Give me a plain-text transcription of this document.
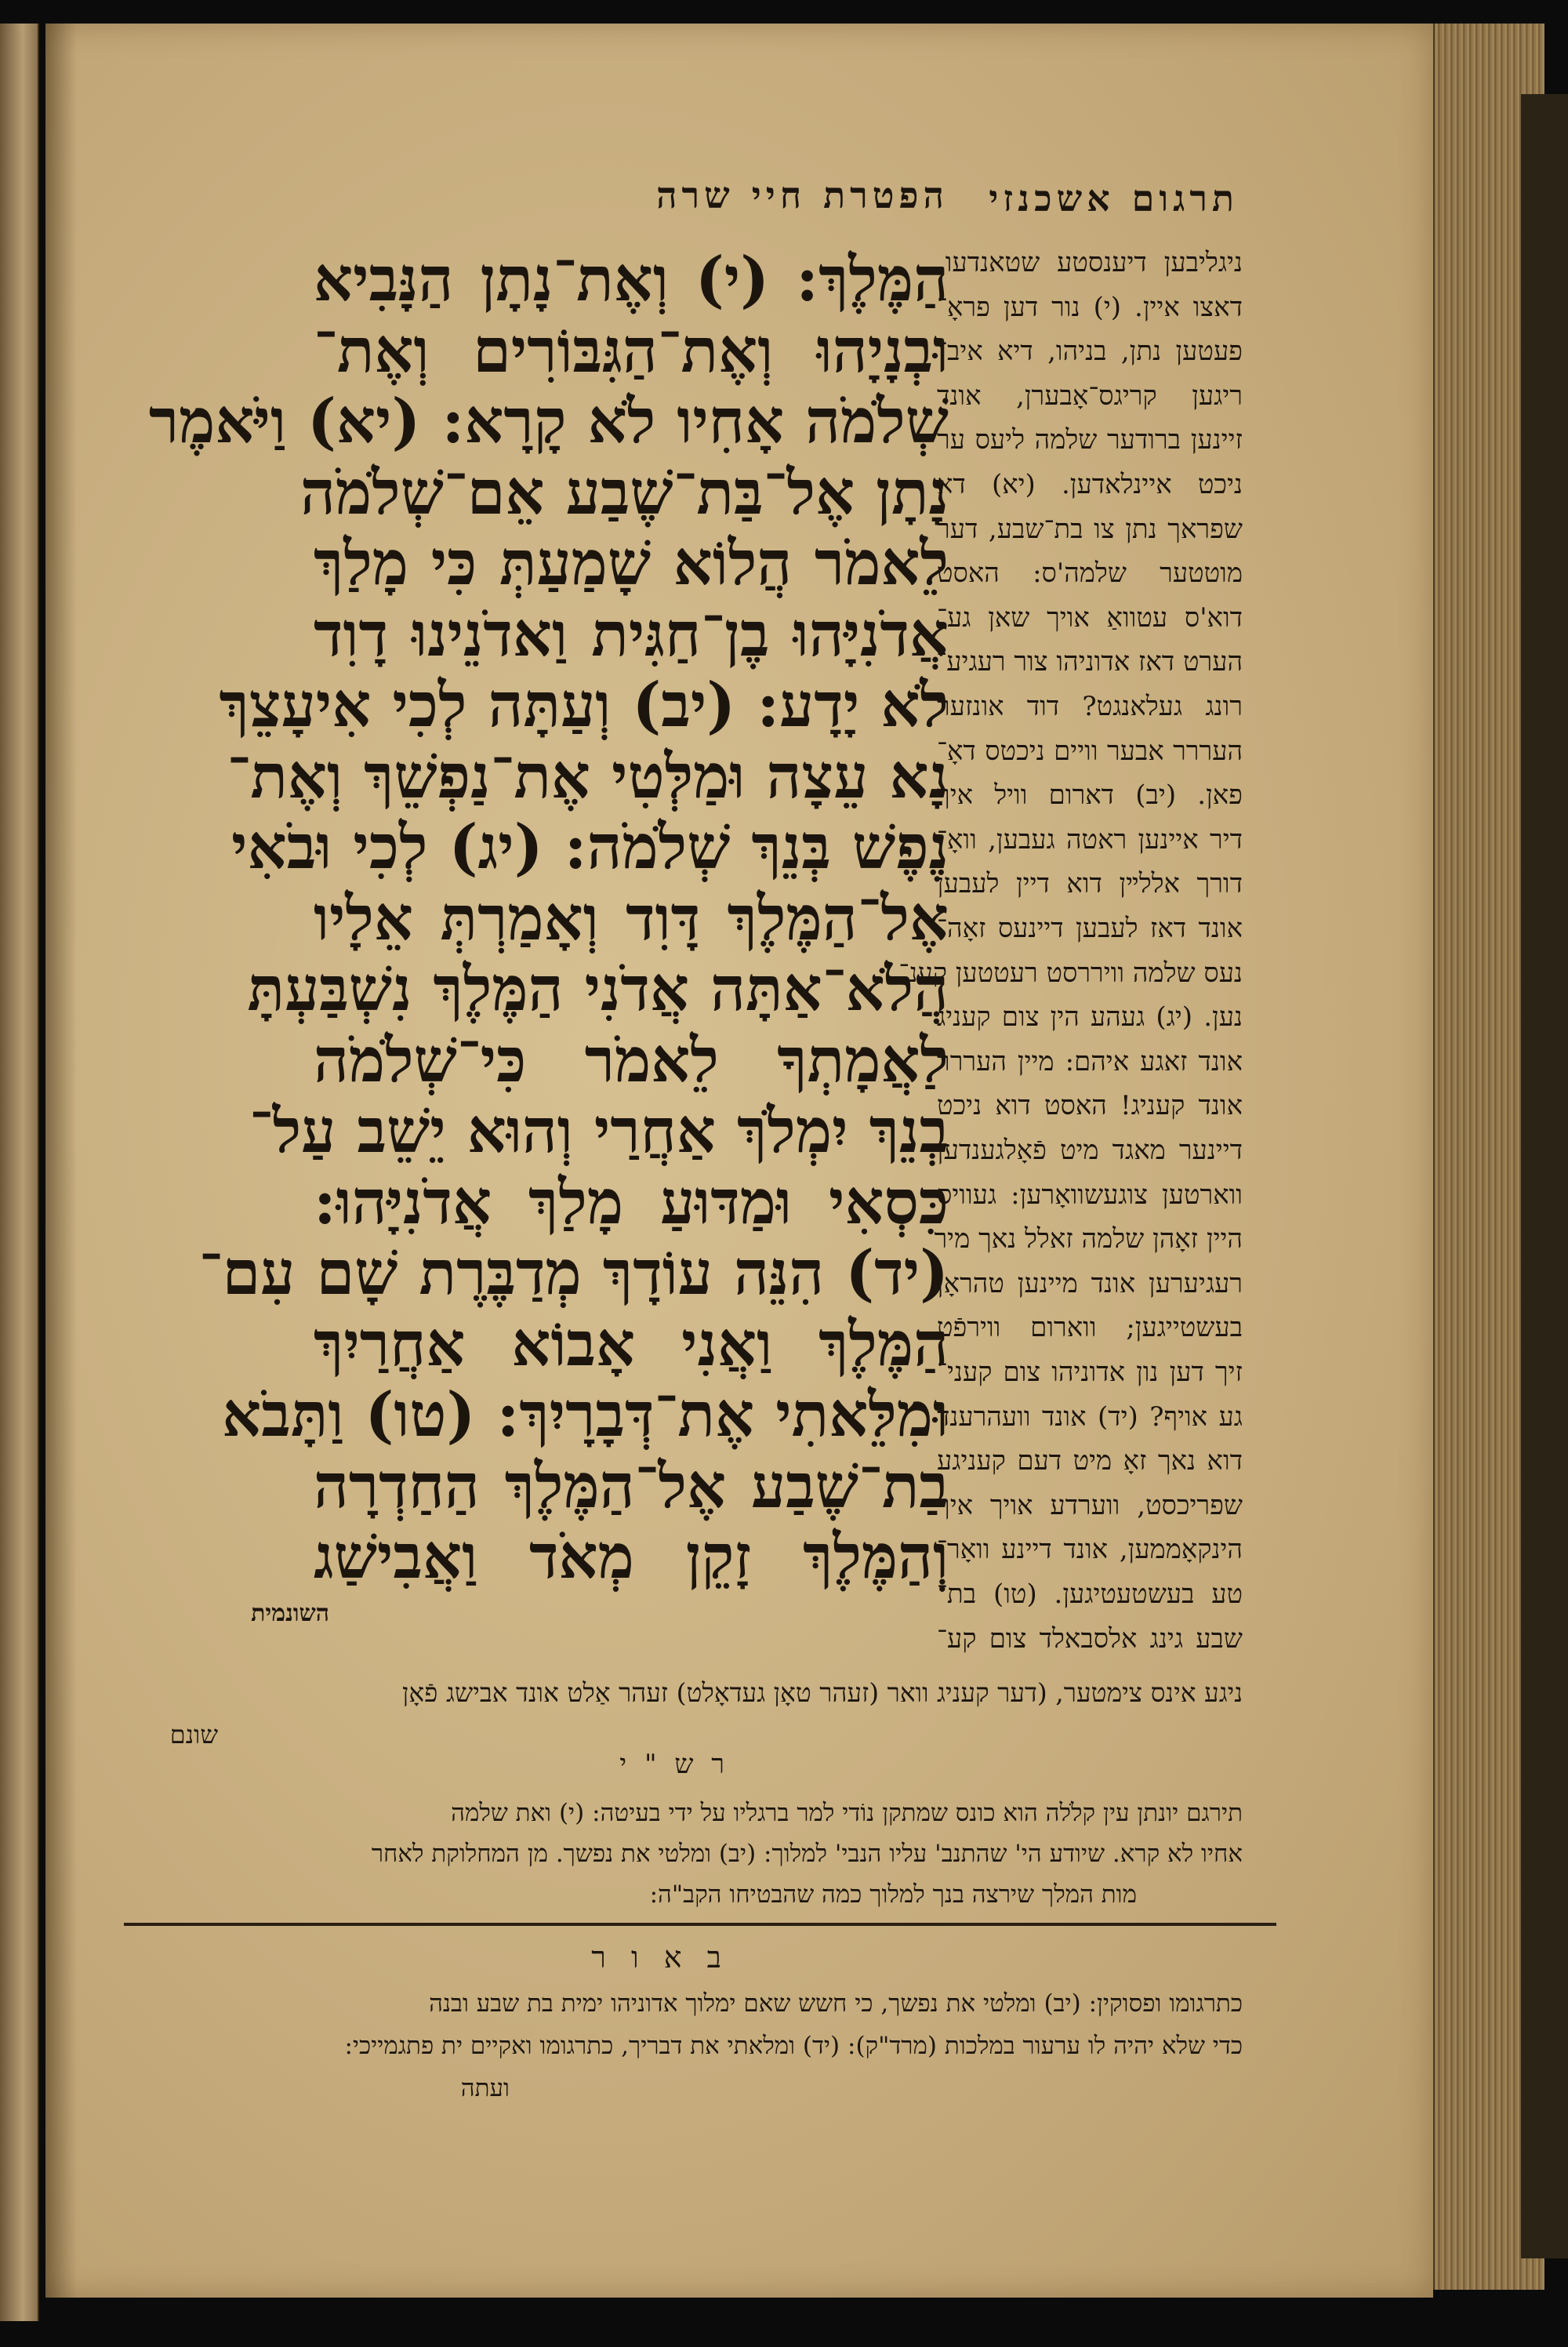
הפטרת חיי שרה תרגום אשכנזי
הַמֶּלֶךְ: (י) וְאֶת־נָתָן הַנָּבִיא
וּבְנָיָהוּ וְאֶת־הַגִּבּוֹרִים וְאֶת־
שְׁלֹמֹה אָחִיו לֹא קָרָא: (יא) וַיֹּאמֶר
נָתָן אֶל־בַּת־שֶׁבַע אֵם־שְׁלֹמֹה
לֵאמֹר הֲלוֹא שָׁמַעַתְּ כִּי מָלַךְ
אֲדֹנִיָּהוּ בֶן־חַגִּית וַאדֹנֵינוּ דָוִד
לֹא יָדָע: (יב) וְעַתָּה לְכִי אִיעָצֵךְ
נָא עֵצָה וּמַלְּטִי אֶת־נַפְשֵׁךְ וְאֶת־
נֶפֶשׁ בְּנֵךְ שְׁלֹמֹה: (יג) לְכִי וּבֹאִי
אֶל־הַמֶּלֶךְ דָּוִד וְאָמַרְתְּ אֵלָיו
הֲלֹא־אַתָּה אֲדֹנִי הַמֶּלֶךְ נִשְׁבַּעְתָּ
לַאֲמָתְךָ לֵאמֹר כִּי־שְׁלֹמֹה
בְנֵךְ יִמְלֹךְ אַחֲרַי וְהוּא יֵשֵׁב עַל־
כִּסְאִי וּמַדּוּעַ מָלַךְ אֲדֹנִיָּהוּ:
(יד) הִנֵּה עוֹדָךְ מְדַבֶּרֶת שָׁם עִם־
הַמֶּלֶךְ וַאֲנִי אָבוֹא אַחֲרַיִךְ
וּמִלֵּאתִי אֶת־דְּבָרָיִךְ: (טו) וַתָּבֹא
בַת־שֶׁבַע אֶל־הַמֶּלֶךְ הַחַדְרָה
וְהַמֶּלֶךְ זָקֵן מְאֹד וַאֲבִישַׁג
השונמית
ניגליבען דיענסטע שטאנדעו,
דאצו איין. (י) נור דען פראָ־
פעטען נתן, בניהו, דיא איב־
ריגען קריגס־אָבערן, אונד
זיינען ברודער שלמה ליעס ער
ניכט איינלאדען. (יא) דא
שפראך נתן צו בת־שבע, דער
מוטטער שלמה'ס: האסט
דוא'ס עטוואַ אויך שאן גע־
הערט דאז אדוניהו צור רעגיע־
רונג געלאנגט? דוד אונזער
העררר אבער וויים ניכטס דאָ־
פאן. (יב) דארום וויל איך
דיר איינען ראטה געבען, וואָ־
דורך אללײן דוא דיין לעבען
אונד דאז לעבען דיינעס זאָה־
נעס שלמה וויררסט רעטטען קענ־
נען. (יג) געהע הין צום קעניג
אונד זאגע איהם: מיין העררר
אונד קעניג! האסט דוא ניכט
דיינער מאגד מיט פֿאָלגענדען
ווארטען צוגעשוואָרען: געוויס
היין זאָהן שלמה זאלל נאך מיר
רעגיערען אונד מיינען טהראָן
בעשטייגען; ווארום ווירפֿט
זיך דען נון אדוניהו צום קעני־
גע אויף? (יד) אונד וועהרענד
דוא נאך זאָ מיט דעם קעניגע
שפריכסט, ווערדע אויך איך
הינקאָממען, אונד דיינע וואָר־
טע בעשטעטיגען. (טו) בת־
שבע גינג אלסבאלד צום קע־
ניגע אינס צימטער, (דער קעניג וואר (זעהר טאָן געדאָלט) זעהר אַלט אונד אבישג פֿאָן
שונם
ר ש " י
תירגם יונתן עין קלֹלה הוא כונס שמתקן נוֹדי למר ברגליו על ידי בעיטה: (י) ואת שלמה
אחיו לא קרא. שיודע הי' שהתנב' עליו הנבי' למלוך: (יב) ומלטי את נפשך. מן המחלוקת לאחר
מות המלך שירצה בנך למלוך כמה שהבטיחו הקב"ה:
ב א ו ר
כתרגומו ופסוקין: (יב) ומלטי את נפשך, כי חשש שאם ימלוך אדוניהו ימית בת שבע ובנה
כדי שלא יהיה לו ערעור במלכות (מרד"ק): (יד) ומלאתי את דבריך, כתרגומו ואקיים ית פתגמייכי:
ועתה
